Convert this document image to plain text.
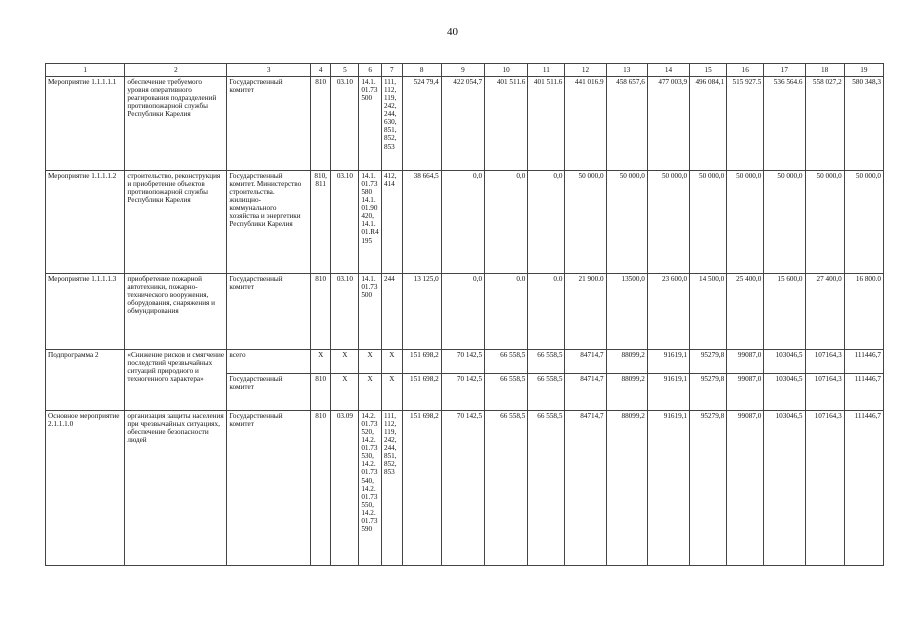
40
1	2	3	4	5	6	7	8	9	10	11	12	13	14	15	16	17	18	19
Мероприятие 1.1.1.1.1	обеспечение требуемого уровня оперативного реагирования подразделений противопожарной службы Республики Карелия	Государственный комитет	810	03.10	14.1.01.73500	111, 112, 119, 242, 244, 630, 851, 852, 853	524 79,4	422 054,7	401 511.6	401 511.6	441 016.9	458 657,6	477 003,9	496 084,1	515 927.5	536 564.6	558 027,2	580 348,3
Мероприятие 1.1.1.1.2	строительство, реконструкция и приобретение объектов противопожарной службы Республики Карелия	Государственный комитет. Министерство строительства. жилищно-коммунального хозяйства и энергетики Республики Карелия	810, 811	03.10	14.1.01.73580 14.1.01.90420, 14.1.01.R4195	412, 414	38 664,5	0,0	0,0	0,0	50 000,0	50 000,0	50 000,0	50 000,0	50 000,0	50 000,0	50 000,0	50 000,0
Мероприятие 1.1.1.1.3	приобретение пожарной автотехники, пожарно-технического вооружения, оборудования, снаряжения и обмундирования	Государственный комитет	810	03.10	14.1.01.73500	244	13 125,0	0,0	0.0	0.0	21 900.0	13500,0	23 600,0	14 500,0	25 400,0	15 600,0	27 400,0	16 800.0
Подпрограмма 2	«Снижение рисков и смягчение последствий чрезвычайных ситуаций природного и техногенного характера»	всего	X	X	X	X	151 698,2	70 142,5	66 558,5	66 558,5	84714,7	88099,2	91619,1	95279,8	99087,0	103046,5	107164,3	111446,7
		Государственный комитет	810	X	X	X	151 698,2	70 142,5	66 558,5	66 558,5	84714,7	88099,2	91619,1	95279,8	99087,0	103046,5	107164,3	111446,7
Основное мероприятие 2.1.1.1.0	организация защиты населения при чрезвычайных ситуациях, обеспечение безопасности людей	Государственный комитет	810	03.09	14.2.01.73520, 14.2.01.73530, 14.2.01.73540, 14.2.01.73550, 14.2.01.73590	111, 112, 119, 242, 244, 851, 852, 853	151 698,2	70 142,5	66 558,5	66 558,5	84714,7	88099,2	91619,1	95279,8	99087,0	103046,5	107164,3	111446,7
